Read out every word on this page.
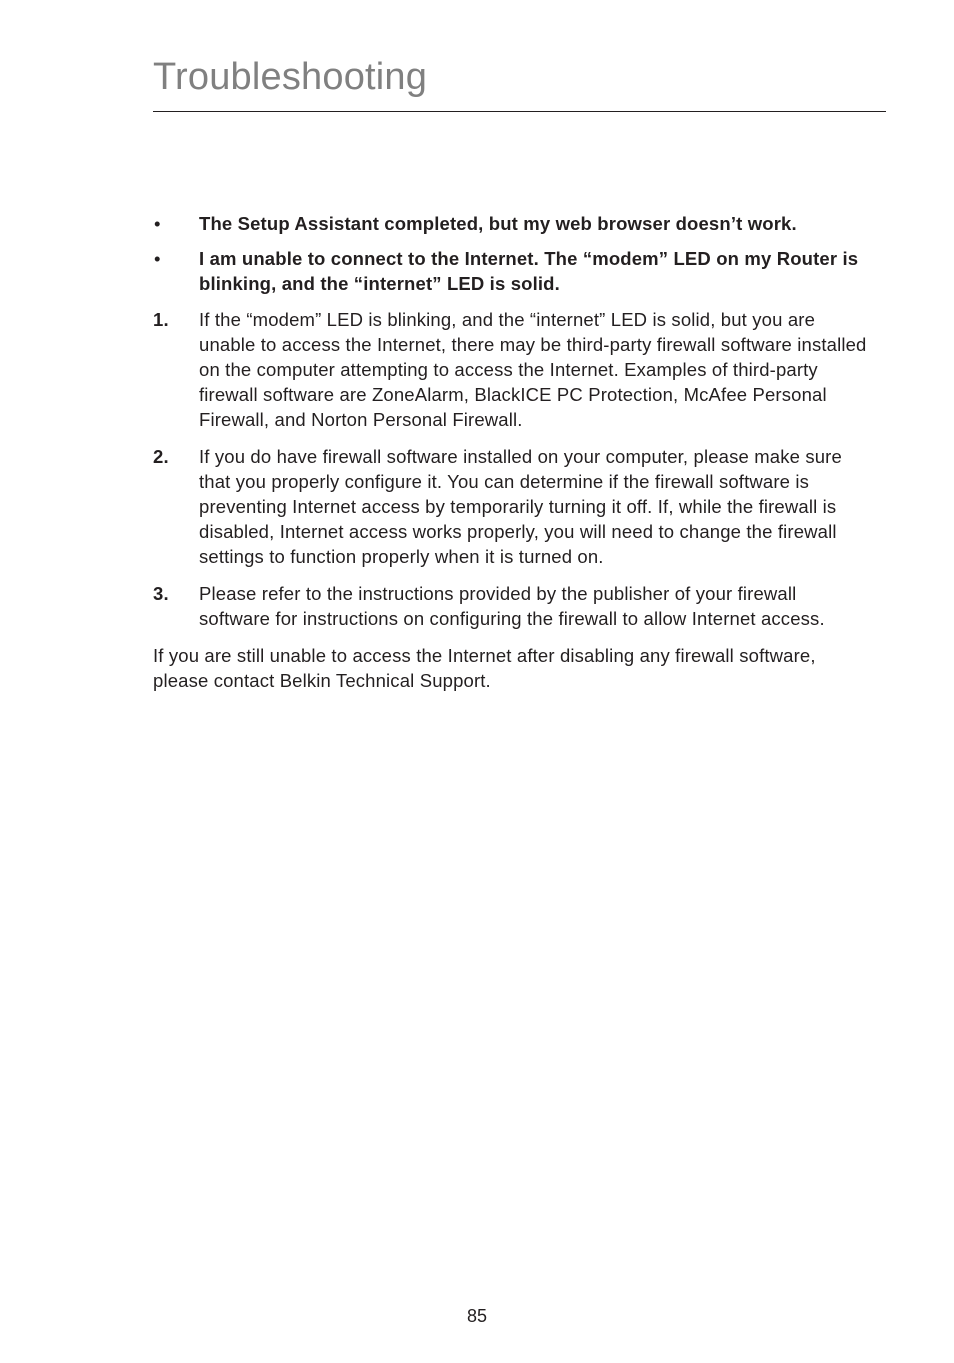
Troubleshooting
•	The Setup Assistant completed, but my web browser doesn’t work.
•	I am unable to connect to the Internet. The “modem” LED on my Router is blinking, and the “internet” LED is solid.
1.	If the “modem” LED is blinking, and the “internet” LED is solid, but you are unable to access the Internet, there may be third-party firewall software installed on the computer attempting to access the Internet. Examples of third-party firewall software are ZoneAlarm, BlackICE PC Protection, McAfee Personal Firewall, and Norton Personal Firewall.
2.	If you do have firewall software installed on your computer, please make sure that you properly configure it. You can determine if the firewall software is preventing Internet access by temporarily turning it off. If, while the firewall is disabled, Internet access works properly, you will need to change the firewall settings to function properly when it is turned on.
3.	Please refer to the instructions provided by the publisher of your firewall software for instructions on configuring the firewall to allow Internet access.

If you are still unable to access the Internet after disabling any firewall software, please contact Belkin Technical Support.

85
